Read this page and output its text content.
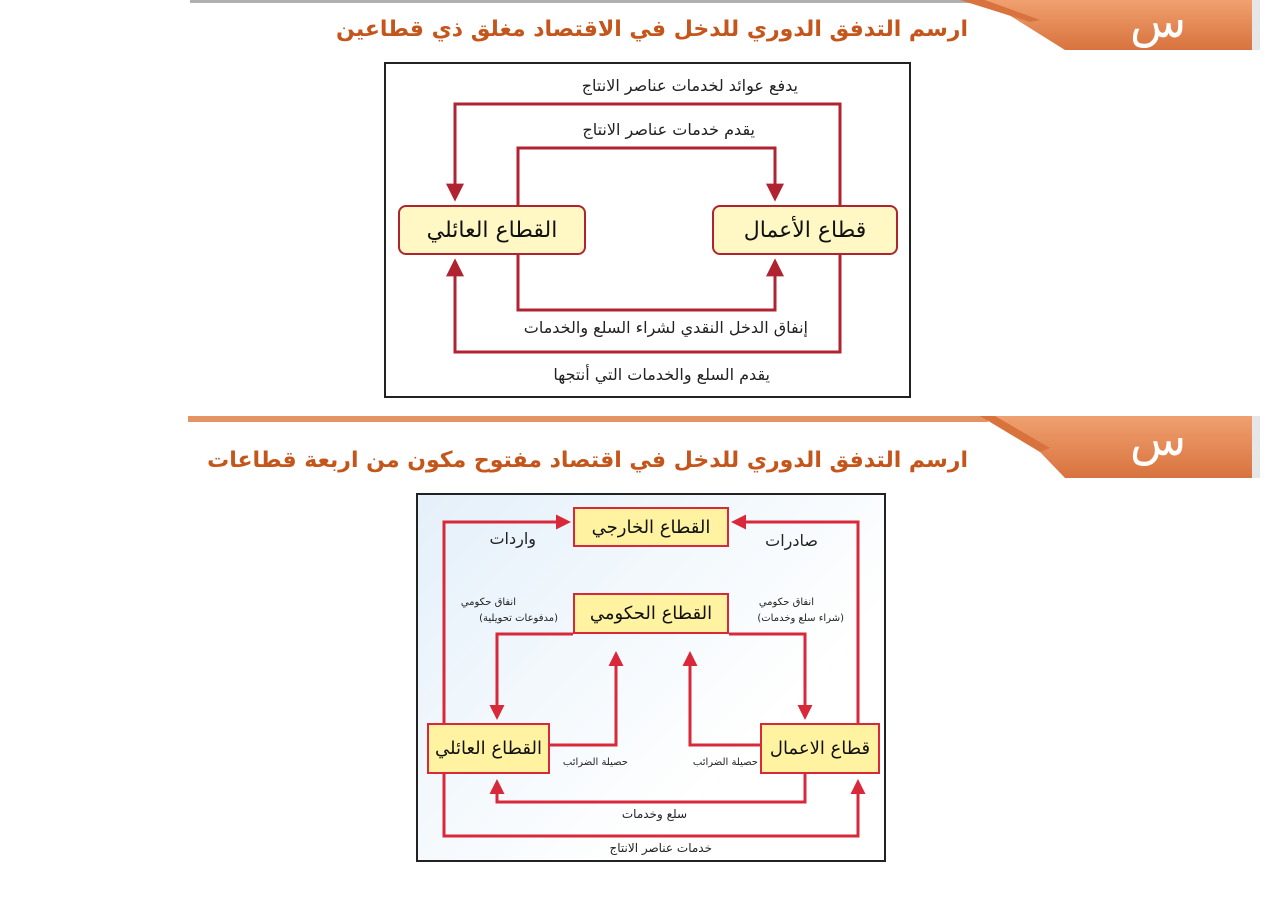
س
ارسم التدفق الدوري للدخل في الاقتصاد مغلق ذي قطاعين
القطاع العائلي	قطاع الأعمال
يدفع عوائد لخدمات عناصر الانتاج
يقدم خدمات عناصر الانتاج
إنفاق الدخل النقدي لشراء السلع والخدمات
يقدم السلع والخدمات التي أنتجها
س
ارسم التدفق الدوري للدخل في اقتصاد مفتوح مكون من اربعة قطاعات
القطاع الخارجي
القطاع الحكومي
القطاع العائلي	قطاع الاعمال
واردات	صادرات
انفاق حكومي
(مدفوعات تحويلية)
انفاق حكومي
(شراء سلع وخدمات)
حصيلة الضرائب	حصيلة الضرائب
سلع وخدمات
خدمات عناصر الانتاج
